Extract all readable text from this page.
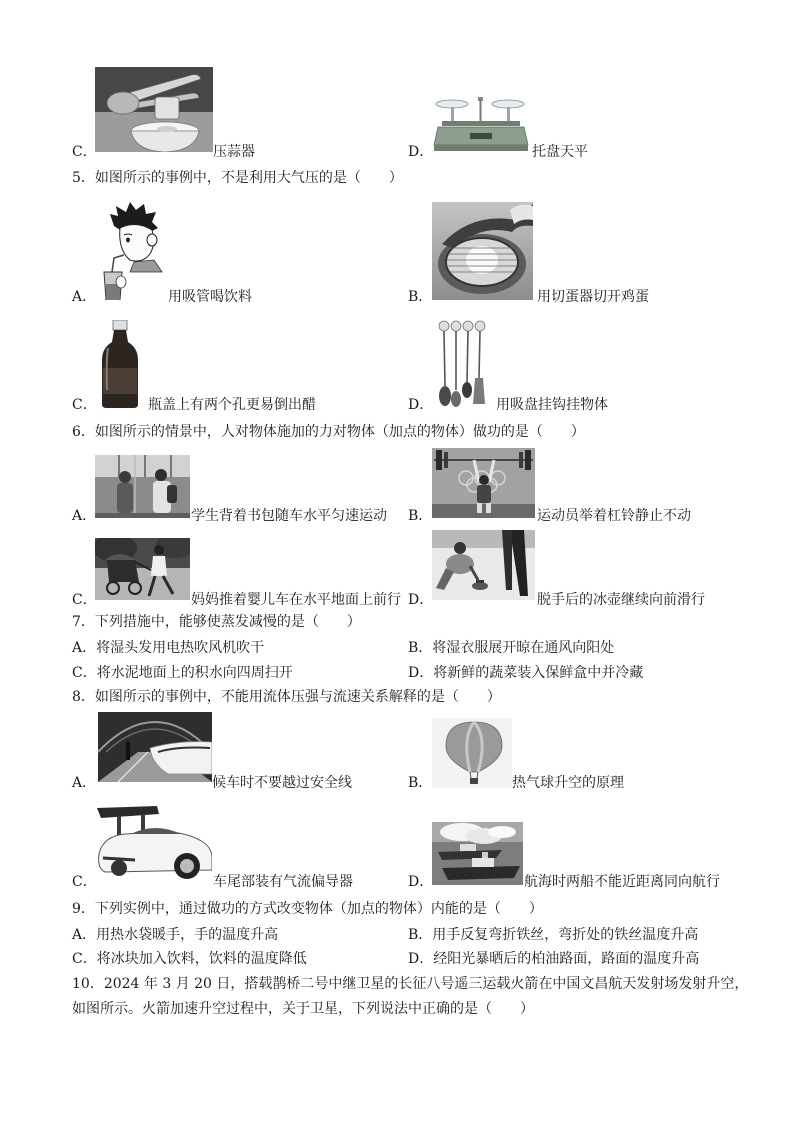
C．	压蒜器	D．	托盘天平
5．如图所示的事例中，不是利用大气压的是（　　）
A．	用吸管喝饮料	B．	用切蛋器切开鸡蛋
C．	瓶盖上有两个孔更易倒出醋	D．	用吸盘挂钩挂物体
6．如图所示的情景中，人对物体施加的力对物体（加点的物体）做功的是（　　）
A．	学生背着书包随车水平匀速运动 B．	运动员举着杠铃静止不动
C．	妈妈推着婴儿车在水平地面上前行 D．	脱手后的冰壶继续向前滑行
7．下列措施中，能够使蒸发减慢的是（　　）
A．将湿头发用电热吹风机吹干	B．将湿衣服展开晾在通风向阳处
C．将水泥地面上的积水向四周扫开	D．将新鲜的蔬菜装入保鲜盒中并冷藏
8．如图所示的事例中，不能用流体压强与流速关系解释的是（　　）
A．	候车时不要越过安全线	B．	热气球升空的原理
C．	车尾部装有气流偏导器	D．	航海时两船不能近距离同向航行
9．下列实例中，通过做功的方式改变物体（加点的物体）内能的是（　　）
A．用热水袋暖手，手的温度升高	B．用手反复弯折铁丝，弯折处的铁丝温度升高
C．将冰块加入饮料，饮料的温度降低	D．经阳光暴晒后的柏油路面，路面的温度升高
10．2024 年 3 月 20 日，搭载鹊桥二号中继卫星的长征八号遥三运载火箭在中国文昌航天发射场发射升空，
如图所示。火箭加速升空过程中，关于卫星，下列说法中正确的是（　　）
